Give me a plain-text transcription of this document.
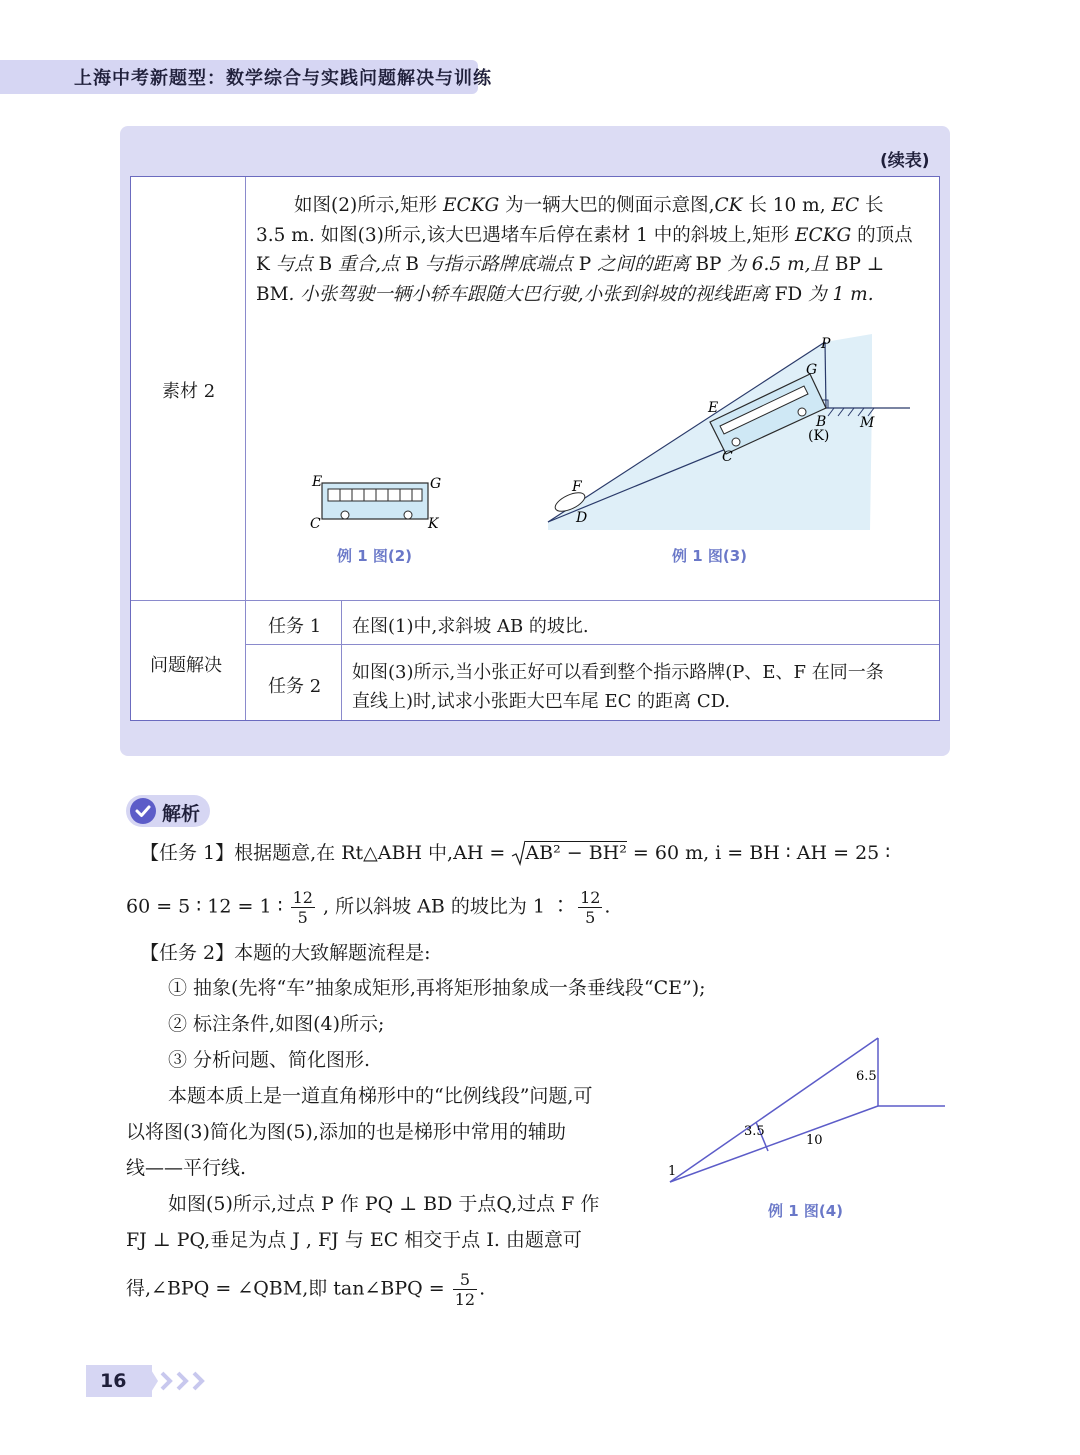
上海中考新题型：数学综合与实践问题解决与训练
(续表)
素材 2
如图(2)所示,矩形 ECKG 为一辆大巴的侧面示意图,CK 长 10 m, EC 长
3.5 m. 如图(3)所示,该大巴遇堵车后停在素材 1 中的斜坡上,矩形 ECKG 的顶点
K 与点 B 重合,点 B 与指示路牌底端点 P 之间的距离 BP 为 6.5 m,且 BP ⊥
BM. 小张驾驶一辆小轿车跟随大巴行驶,小张到斜坡的视线距离 FD 为 1 m.
E	G
C	K
例 1 图(2)
P
G
E
B
(K)
M
C
F
D
例 1 图(3)
问题解决
任务 1 在图(1)中,求斜坡 AB 的坡比.
任务 2
如图(3)所示,当小张正好可以看到整个指示路牌(P、E、F 在同一条
直线上)时,试求小张距大巴车尾 EC 的距离 CD.
解析
【任务 1】根据题意,在 Rt△ABH 中,AH = AB² − BH² = 60 m, i = BH ∶ AH = 25 ∶
60 = 5 ∶ 12 = 1 ∶ $\frac{12}{5}$ , 所以斜坡 AB 的坡比为 1 ∶ $\frac{12}{5}$ .
【任务 2】本题的大致解题流程是:
① 抽象(先将“车”抽象成矩形,再将矩形抽象成一条垂线段“CE”);
② 标注条件,如图(4)所示;
③ 分析问题、简化图形.
本题本质上是一道直角梯形中的“比例线段”问题,可
以将图(3)简化为图(5),添加的也是梯形中常用的辅助
线——平行线.
如图(5)所示,过点 P 作 PQ ⊥ BD 于点Q,过点 F 作
FJ ⊥ PQ,垂足为点 J , FJ 与 EC 相交于点 I. 由题意可
得,∠BPQ = ∠QBM,即 tan∠BPQ = $\frac{5}{12}$ .
6.5
3.5
10
1
例 1 图(4)
16
